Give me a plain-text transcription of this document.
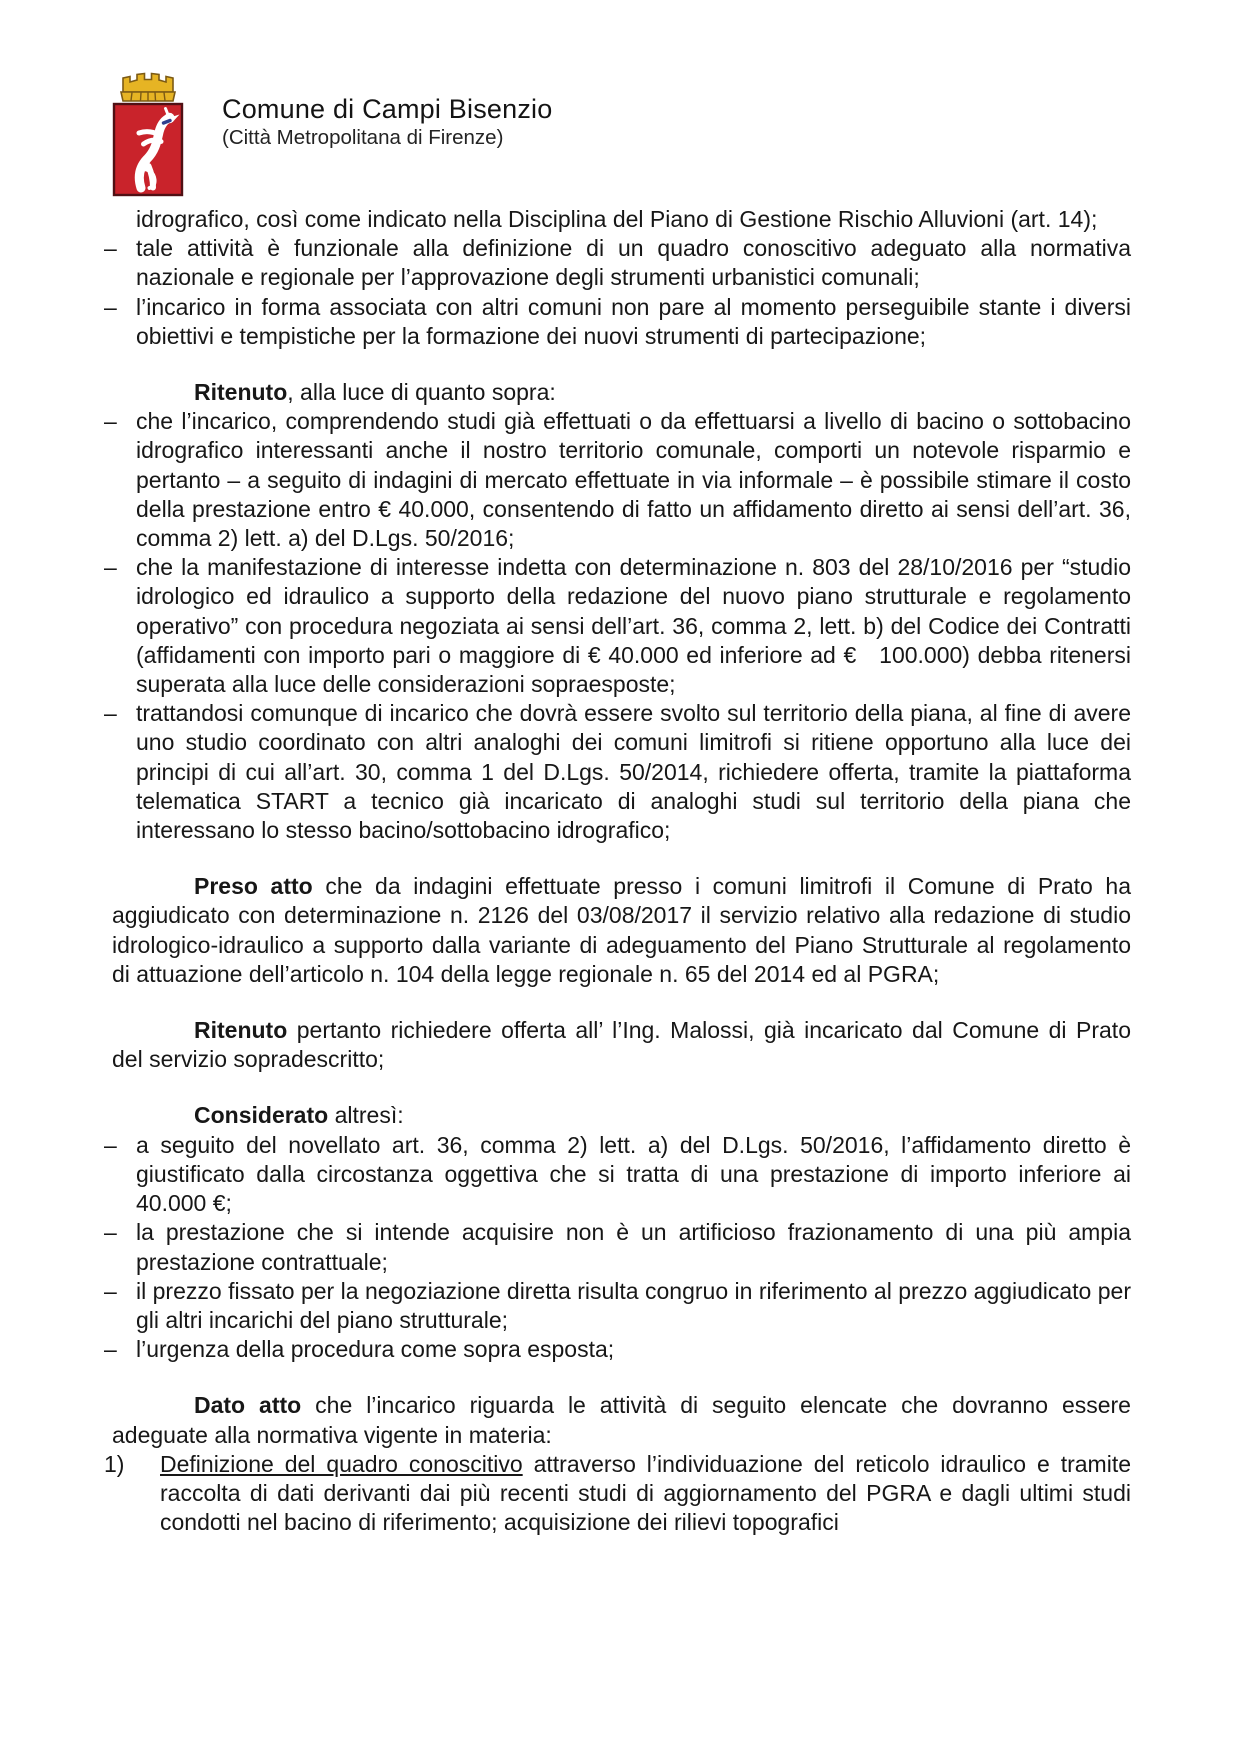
Comune di Campi Bisenzio
(Città Metropolitana di Firenze)
idrografico, così come indicato nella Disciplina del Piano di Gestione Rischio Alluvioni (art. 14);
– tale attività è funzionale alla definizione di un quadro conoscitivo adeguato alla normativa nazionale e regionale per l’approvazione degli strumenti urbanistici comunali;
– l’incarico in forma associata con altri comuni non pare al momento perseguibile stante i diversi obiettivi e tempistiche per la formazione dei nuovi strumenti di partecipazione;
Ritenuto, alla luce di quanto sopra:
– che l’incarico, comprendendo studi già effettuati o da effettuarsi a livello di bacino o sottobacino idrografico interessanti anche il nostro territorio comunale, comporti un notevole risparmio e pertanto – a seguito di indagini di mercato effettuate in via informale – è possibile stimare il costo della prestazione entro € 40.000, consentendo di fatto un affidamento diretto ai sensi dell’art. 36, comma 2) lett. a) del D.Lgs. 50/2016;
– che la manifestazione di interesse indetta con determinazione n. 803 del 28/10/2016 per “studio idrologico ed idraulico a supporto della redazione del nuovo piano strutturale e regolamento operativo” con procedura negoziata ai sensi dell’art. 36, comma 2, lett. b) del Codice dei Contratti (affidamenti con importo pari o maggiore di € 40.000 ed inferiore ad €   100.000) debba ritenersi superata alla luce delle considerazioni sopraesposte;
– trattandosi comunque di incarico che dovrà essere svolto sul territorio della piana, al fine di avere uno studio coordinato con altri analoghi dei comuni limitrofi si ritiene opportuno alla luce dei principi di cui all’art. 30, comma 1 del D.Lgs. 50/2014, richiedere offerta, tramite la piattaforma telematica START a tecnico già incaricato di analoghi studi sul territorio della piana che interessano lo stesso bacino/sottobacino idrografico;
Preso atto che da indagini effettuate presso i comuni limitrofi il Comune di Prato ha aggiudicato con determinazione n. 2126 del 03/08/2017 il servizio relativo alla redazione di studio idrologico-idraulico a supporto dalla variante di adeguamento del Piano Strutturale al regolamento di attuazione dell’articolo n. 104 della legge regionale n. 65 del 2014 ed al PGRA;
Ritenuto pertanto richiedere offerta all’ l’Ing. Malossi, già incaricato dal Comune di Prato del servizio sopradescritto;
Considerato altresì:
– a seguito del novellato art. 36, comma 2) lett. a) del D.Lgs. 50/2016, l’affidamento diretto è giustificato dalla circostanza oggettiva che si tratta di una prestazione di importo inferiore ai 40.000 €;
– la prestazione che si intende acquisire non è un artificioso frazionamento di una più ampia prestazione contrattuale;
– il prezzo fissato per la negoziazione diretta risulta congruo in riferimento al prezzo aggiudicato per gli altri incarichi del piano strutturale;
– l’urgenza della procedura come sopra esposta;
Dato atto che l’incarico riguarda le attività di seguito elencate che dovranno essere adeguate alla normativa vigente in materia:
1) Definizione del quadro conoscitivo attraverso l’individuazione del reticolo idraulico e tramite raccolta di dati derivanti dai più recenti studi di aggiornamento del PGRA e dagli ultimi studi condotti nel bacino di riferimento; acquisizione dei rilievi topografici
